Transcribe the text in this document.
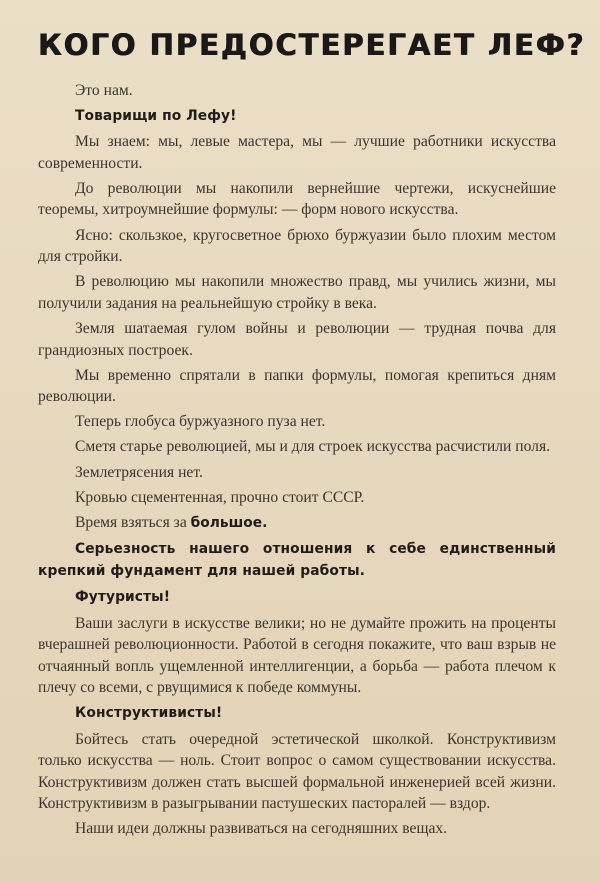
КОГО ПРЕДОСТЕРЕГАЕТ ЛЕФ?
Это нам.
Товарищи по Лефу!
Мы знаем: мы, левые мастера, мы — лучшие работники искусства современности.
До революции мы накопили вернейшие чертежи, искуснейшие теоремы, хитроумнейшие формулы: — форм нового искусства.
Ясно: скользкое, кругосветное брюхо буржуазии было плохим местом для стройки.
В революцию мы накопили множество правд, мы учились жизни, мы получили задания на реальнейшую стройку в века.
Земля шатаемая гулом войны и революции — трудная почва для грандиозных построек.
Мы временно спрятали в папки формулы, помогая крепиться дням революции.
Теперь глобуса буржуазного пуза нет.
Сметя старье революцией, мы и для строек искусства расчистили поля.
Землетрясения нет.
Кровью сцементенная, прочно стоит СССР.
Время взяться за большое.
Серьезность нашего отношения к себе единственный крепкий фундамент для нашей работы.
Футуристы!
Ваши заслуги в искусстве велики; но не думайте прожить на проценты вчерашней революционности. Работой в сегодня покажите, что ваш взрыв не отчаянный вопль ущемленной интеллигенции, а борьба — работа плечом к плечу со всеми, с рвущимися к победе коммуны.
Конструктивисты!
Бойтесь стать очередной эстетической школкой. Конструктивизм только искусства — ноль. Стоит вопрос о самом существовании искусства. Конструктивизм должен стать высшей формальной инженерией всей жизни. Конструктивизм в разыгрывании пастушеских пасторалей — вздор.
Наши идеи должны развиваться на сегодняшних вещах.
